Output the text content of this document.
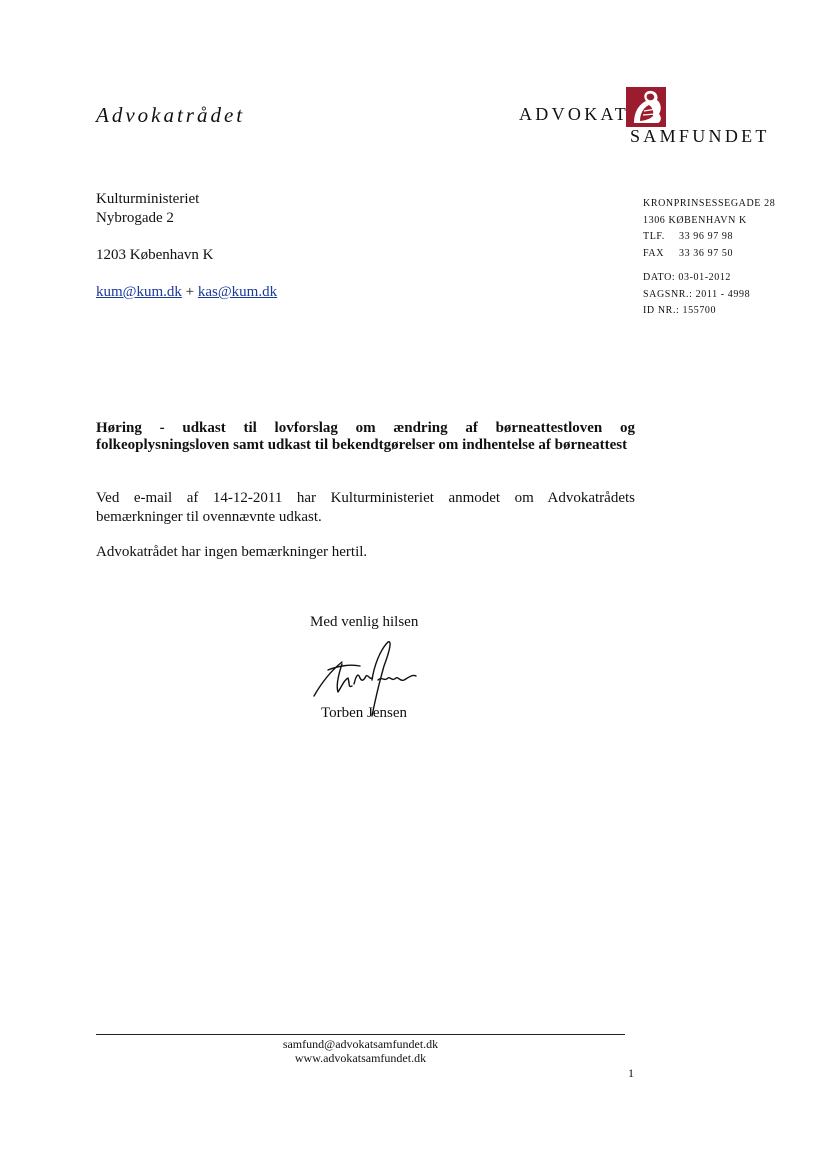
Advokatrådet	ADVOKAT
SAMFUNDET
Kulturministeriet
Nybrogade 2
1203 København K
kum@kum.dk + kas@kum.dk
KRONPRINSESSEGADE 28
1306 KØBENHAVN K
TLF. 33 96 97 98
FAX 33 36 97 50
DATO: 03-01-2012
SAGSNR.: 2011 - 4998
ID NR.: 155700
Høring - udkast til lovforslag om ændring af børneattestloven og folkeoplysningsloven samt udkast til bekendtgørelser om indhentelse af børneattest
Ved e-mail af 14-12-2011 har Kulturministeriet anmodet om Advokatrådets bemærkninger til ovennævnte udkast.
Advokatrådet har ingen bemærkninger hertil.
Med venlig hilsen
Torben Jensen
samfund@advokatsamfundet.dk
www.advokatsamfundet.dk
1
